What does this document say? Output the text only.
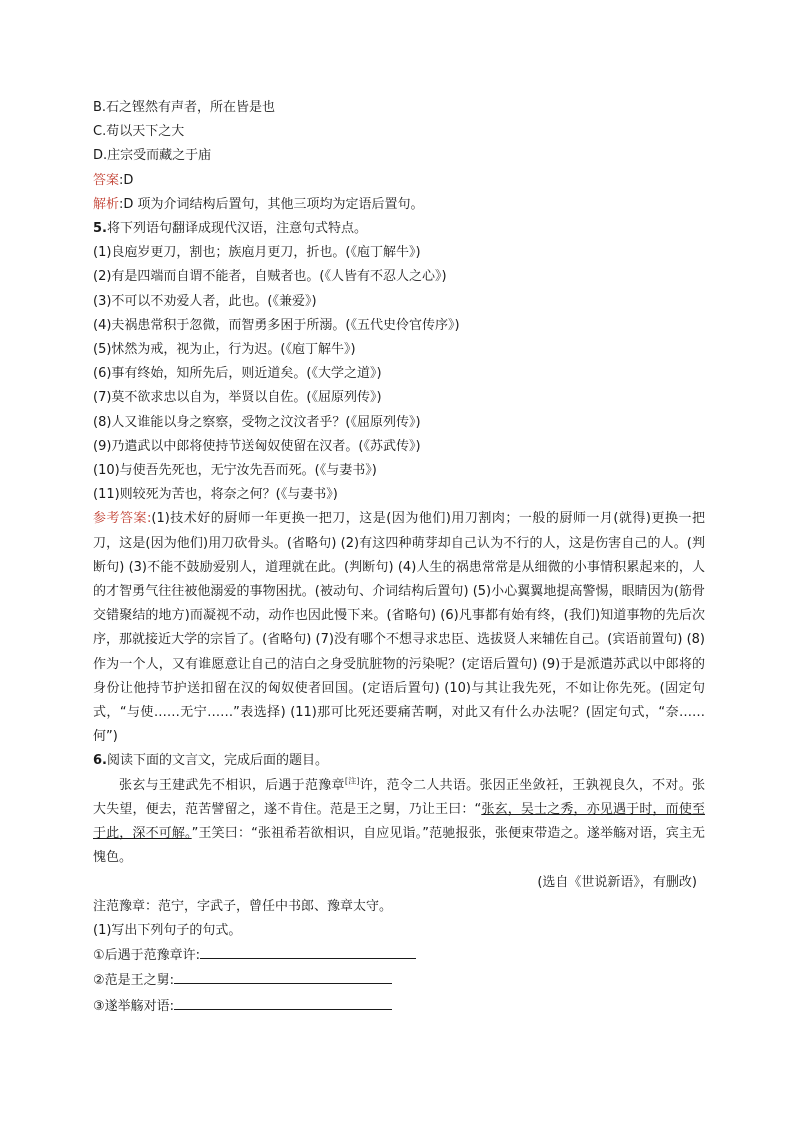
B.石之铿然有声者，所在皆是也
C.苟以天下之大
D.庄宗受而藏之于庙
答案:D
解析:D 项为介词结构后置句，其他三项均为定语后置句。
5.将下列语句翻译成现代汉语，注意句式特点。
(1)良庖岁更刀，割也；族庖月更刀，折也。(《庖丁解牛》)
(2)有是四端而自谓不能者，自贼者也。(《人皆有不忍人之心》)
(3)不可以不劝爱人者，此也。(《兼爱》)
(4)夫祸患常积于忽微，而智勇多困于所溺。(《五代史伶官传序》)
(5)怵然为戒，视为止，行为迟。(《庖丁解牛》)
(6)事有终始，知所先后，则近道矣。(《大学之道》)
(7)莫不欲求忠以自为，举贤以自佐。(《屈原列传》)
(8)人又谁能以身之察察，受物之汶汶者乎？(《屈原列传》)
(9)乃遣武以中郎将使持节送匈奴使留在汉者。(《苏武传》)
(10)与使吾先死也，无宁汝先吾而死。(《与妻书》)
(11)则较死为苦也，将奈之何？(《与妻书》)
参考答案:(1)技术好的厨师一年更换一把刀，这是(因为他们)用刀割肉；一般的厨师一月(就得)更换一把刀，这是(因为他们)用刀砍骨头。(省略句) (2)有这四种萌芽却自己认为不行的人，这是伤害自己的人。(判断句) (3)不能不鼓励爱别人，道理就在此。(判断句) (4)人生的祸患常常是从细微的小事情积累起来的，人的才智勇气往往被他溺爱的事物困扰。(被动句、介词结构后置句) (5)小心翼翼地提高警惕，眼睛因为(筋骨交错聚结的地方)而凝视不动，动作也因此慢下来。(省略句) (6)凡事都有始有终，(我们)知道事物的先后次序，那就接近大学的宗旨了。(省略句) (7)没有哪个不想寻求忠臣、选拔贤人来辅佐自己。(宾语前置句) (8)作为一个人，又有谁愿意让自己的洁白之身受肮脏物的污染呢？(定语后置句) (9)于是派遣苏武以中郎将的身份让他持节护送扣留在汉的匈奴使者回国。(定语后置句) (10)与其让我先死，不如让你先死。(固定句式，“与使……无宁……”表选择) (11)那可比死还要痛苦啊，对此又有什么办法呢？(固定句式，“奈……何”)
6.阅读下面的文言文，完成后面的题目。
张玄与王建武先不相识，后遇于范豫章[注]许，范令二人共语。张因正坐敛衽，王孰视良久，不对。张大失望，便去，范苦譬留之，遂不肯住。范是王之舅，乃让王曰：“张玄，吴士之秀，亦见遇于时，而使至于此，深不可解。”王笑曰：“张祖希若欲相识，自应见诣。”范驰报张，张便束带造之。遂举觞对语，宾主无愧色。
(选自《世说新语》，有删改)
注范豫章：范宁，字武子，曾任中书郎、豫章太守。
(1)写出下列句子的句式。
①后遇于范豫章许:
②范是王之舅:
③遂举觞对语:
